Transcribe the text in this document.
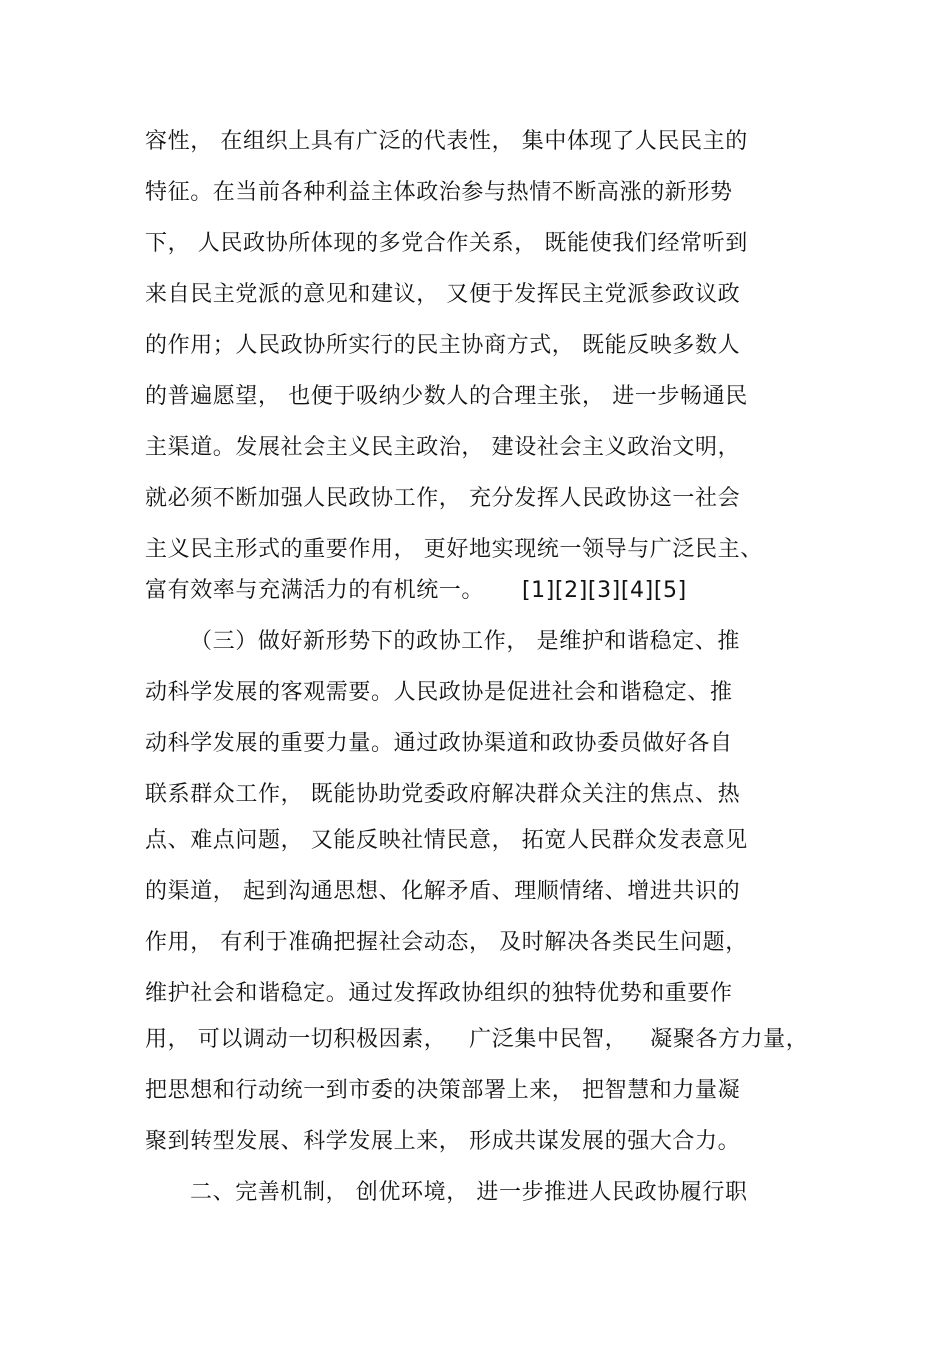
容性， 在组织上具有广泛的代表性， 集中体现了人民民主的
特征。在当前各种利益主体政治参与热情不断高涨的新形势
下， 人民政协所体现的多党合作关系， 既能使我们经常听到
来自民主党派的意见和建议， 又便于发挥民主党派参政议政
的作用；人民政协所实行的民主协商方式， 既能反映多数人
的普遍愿望， 也便于吸纳少数人的合理主张， 进一步畅通民
主渠道。发展社会主义民主政治， 建设社会主义政治文明，
就必须不断加强人民政协工作， 充分发挥人民政协这一社会
主义民主形式的重要作用， 更好地实现统一领导与广泛民主、
富有效率与充满活力的有机统一。     [1][2][3][4][5]
（三）做好新形势下的政协工作， 是维护和谐稳定、推
动科学发展的客观需要。人民政协是促进社会和谐稳定、推
动科学发展的重要力量。通过政协渠道和政协委员做好各自
联系群众工作， 既能协助党委政府解决群众关注的焦点、热
点、难点问题， 又能反映社情民意， 拓宽人民群众发表意见
的渠道， 起到沟通思想、化解矛盾、理顺情绪、增进共识的
作用， 有利于准确把握社会动态， 及时解决各类民生问题，
维护社会和谐稳定。通过发挥政协组织的独特优势和重要作
用， 可以调动一切积极因素，   广泛集中民智，   凝聚各方力量，
把思想和行动统一到市委的决策部署上来， 把智慧和力量凝
聚到转型发展、科学发展上来， 形成共谋发展的强大合力。
二、完善机制， 创优环境， 进一步推进人民政协履行职
